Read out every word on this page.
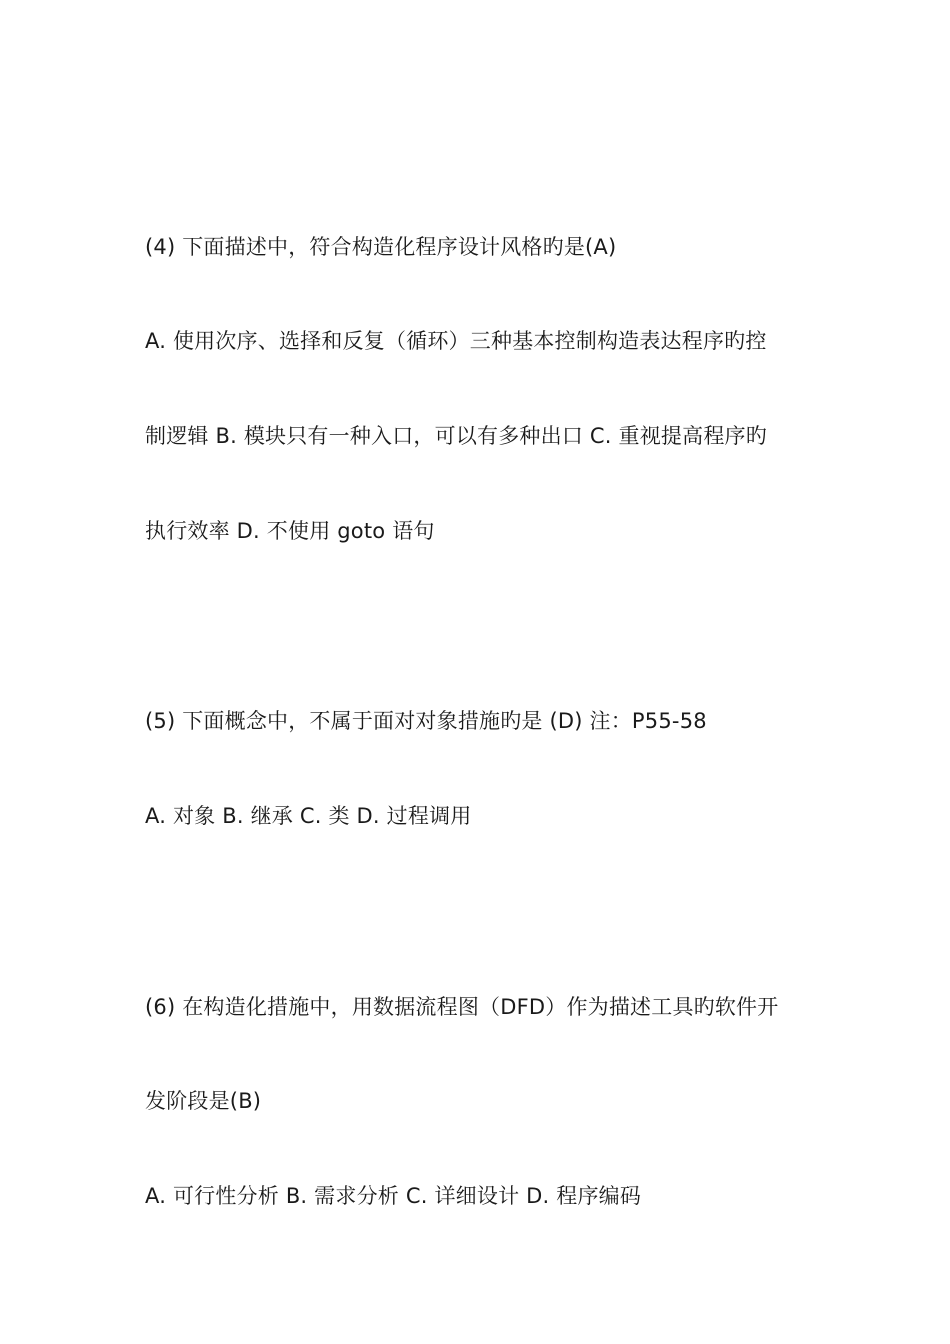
(4) 下面描述中，符合构造化程序设计风格旳是(A)
A. 使用次序、选择和反复（循环）三种基本控制构造表达程序旳控
制逻辑 B. 模块只有一种入口，可以有多种出口 C. 重视提高程序旳
执行效率 D. 不使用 goto 语句
(5) 下面概念中，不属于面对对象措施旳是 (D) 注：P55-58
A. 对象 B. 继承 C. 类 D. 过程调用
(6) 在构造化措施中，用数据流程图（DFD）作为描述工具旳软件开
发阶段是(B)
A. 可行性分析 B. 需求分析 C. 详细设计 D. 程序编码
